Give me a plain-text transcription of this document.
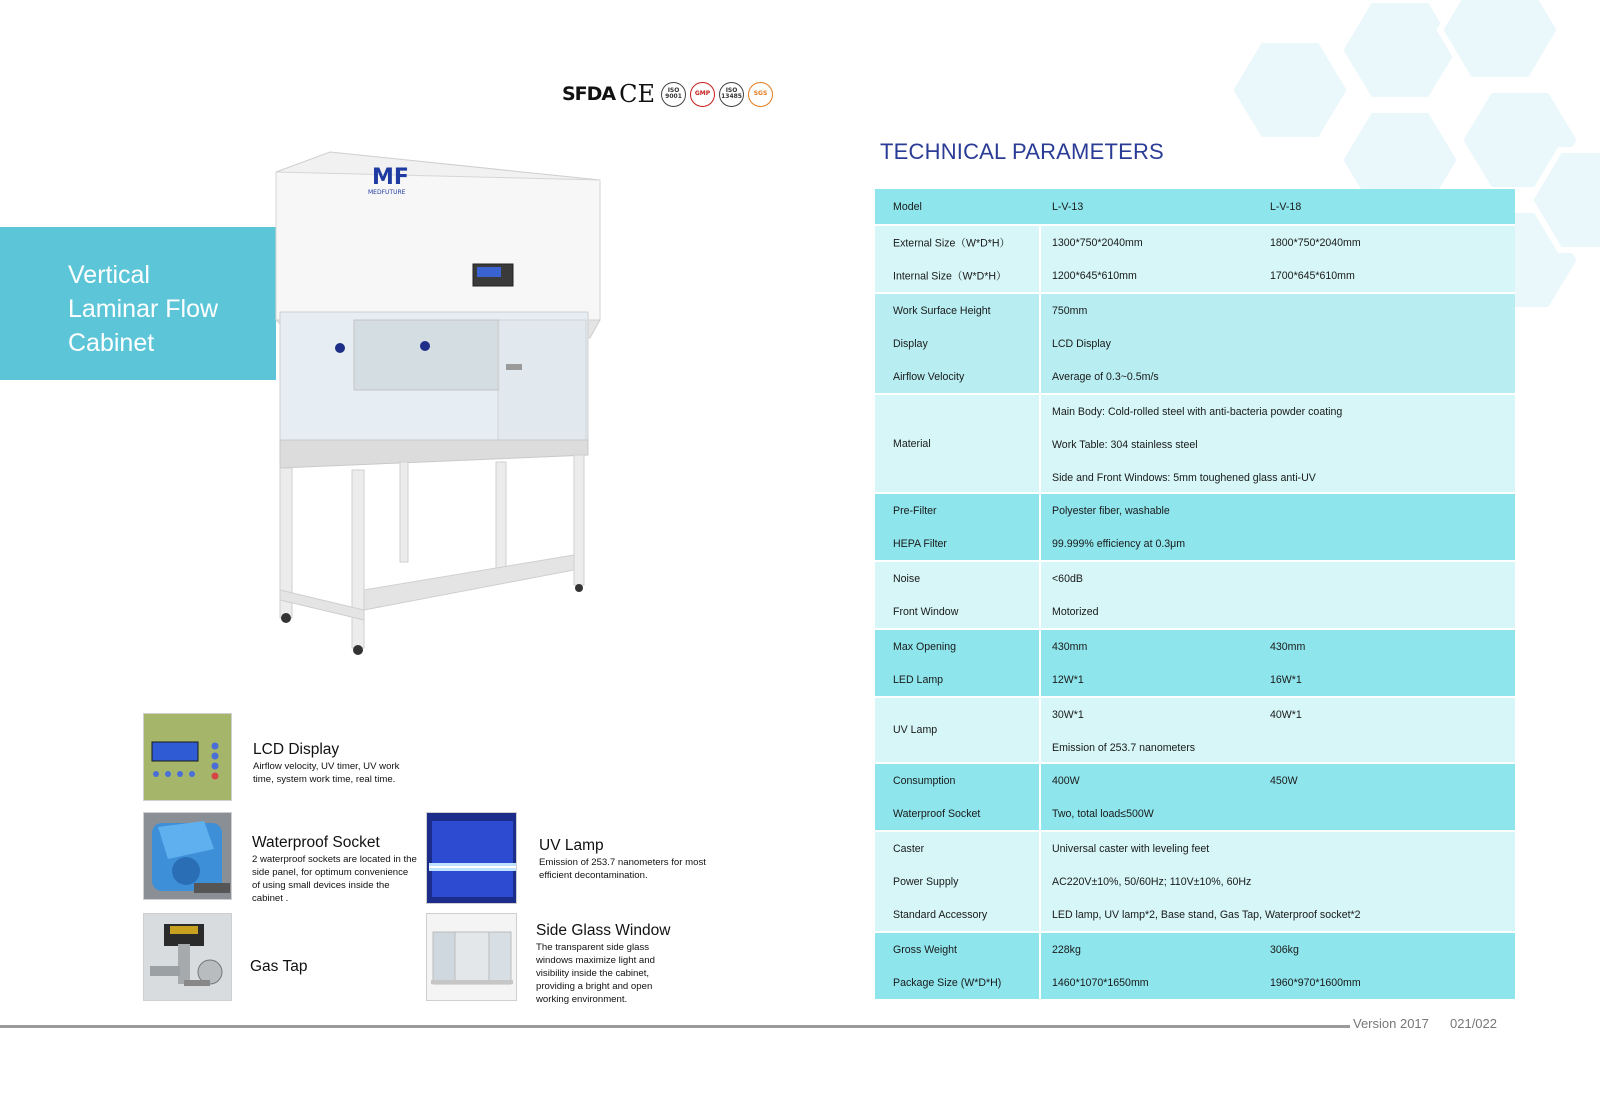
SFDA CE	ISO 9001	GMP	ISO 13485	SGS
Vertical
Laminar Flow
Cabinet
MF
MEDFUTURE
LCD Display
Airflow velocity, UV timer, UV work time, system work time, real time.
Waterproof Socket
2 waterproof sockets are located in the side panel, for optimum convenience of using small devices inside the cabinet .
UV Lamp
Emission of 253.7 nanometers for most efficient decontamination.
Gas Tap
Side Glass Window
The transparent side glass windows maximize light and visibility inside the cabinet, providing a bright and open working environment.
TECHNICAL PARAMETERS
Model	L-V-13	L-V-18
External Size（W*D*H）	1300*750*2040mm	1800*750*2040mm
Internal Size（W*D*H）	1200*645*610mm	1700*645*610mm
Work Surface Height	750mm
Display	LCD Display
Airflow Velocity	Average of 0.3~0.5m/s
Material
Main Body: Cold-rolled steel with anti-bacteria powder coating
Work Table: 304 stainless steel
Side and Front Windows: 5mm toughened glass anti-UV
Pre-Filter	Polyester fiber, washable
HEPA Filter	99.999% efficiency at 0.3μm
Noise	<60dB
Front Window	Motorized
Max Opening	430mm	430mm
LED Lamp	12W*1	16W*1
UV Lamp
30W*1	40W*1
Emission of 253.7 nanometers
Consumption	400W	450W
Waterproof Socket	Two, total load≤500W
Caster	Universal caster with leveling feet
Power Supply	AC220V±10%, 50/60Hz; 110V±10%, 60Hz
Standard Accessory	LED lamp, UV lamp*2, Base stand, Gas Tap, Waterproof socket*2
Gross Weight	228kg	306kg
Package Size (W*D*H)	1460*1070*1650mm	1960*970*1600mm
Version 2017 021/022
